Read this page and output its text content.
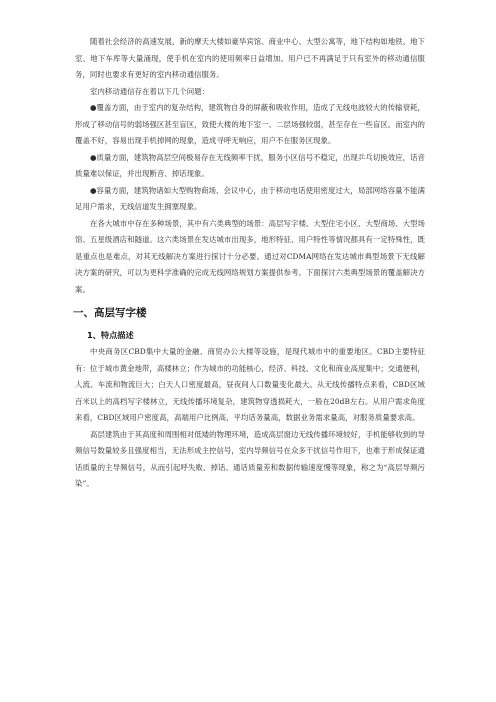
随着社会经济的高速发展，新的摩天大楼如豪华宾馆、商业中心、大型公寓等，地下结构如地铁、地下室、地下车库等大量涌现，使手机在室内的使用频率日益增加。用户已不再满足于只有室外的移动通信服务，同时也要求有更好的室内移动通信服务。

室内移动通信存在着以下几个问题：

●覆盖方面，由于室内的复杂结构，建筑物自身的屏蔽和吸收作用，造成了无线电波较大的传输衰耗，形成了移动信号的弱场强区甚至盲区，致使大楼的地下室一、二层场强较弱，甚至存在一些盲区。而室内的覆盖不好，容易出现手机掉网的现象，造成寻呼无响应，用户不在服务区现象。

●质量方面，建筑物高层空间极易存在无线频率干扰，服务小区信号不稳定，出现乒乓切换效应，话音质量难以保证，并出现断音、掉话现象。

●容量方面，建筑物诸如大型购物商场、会议中心，由于移动电话使用密度过大，局部网络容量不能满足用户需求，无线信道发生拥塞现象。

在各大城市中存在多种场景，其中有六类典型的场景：高层写字楼、大型住宅小区、大型商场、大型场馆、五星级酒店和隧道。这六类场景在发达城市出现多，地形特征、用户特性等情况都具有一定特殊性，既是重点也是难点，对其无线解决方案进行探讨十分必要。通过对CDMA网络在发达城市典型场景下无线解决方案的研究，可以为更科学准确的完成无线网络规划方案提供参考。下面探讨六类典型场景的覆盖解决方案。

一、高层写字楼
1、特点描述

中央商务区CBD集中大量的金融、商贸办公大楼等设施，是现代城市中的重要地区。CBD主要特征有：位于城市黄金地带，高楼林立；作为城市的功能核心，经济、科技、文化和商业高度集中；交通便利，人流、车流和物流巨大；白天人口密度最高，昼夜间人口数量变化最大。从无线传播特点来看，CBD区域百米以上的高档写字楼林立，无线传播环境复杂，建筑物穿透损耗大，一般在20dB左右。从用户需求角度来看，CBD区域用户密度高，高端用户比例高，平均话务量高，数据业务需求量高，对服务质量要求高。

高层建筑由于其高度和周围相对低矮的物理环境，造成高层窗边无线传播环境较好，手机能够收到的导频信号数量较多且强度相当，无法形成主控信号，室内导频信号在众多干扰信号作用下，也难于形成保证通话质量的主导频信号，从而引起呼失败、掉话、通话质量差和数据传输速度慢等现象，称之为“高层导频污染”。
